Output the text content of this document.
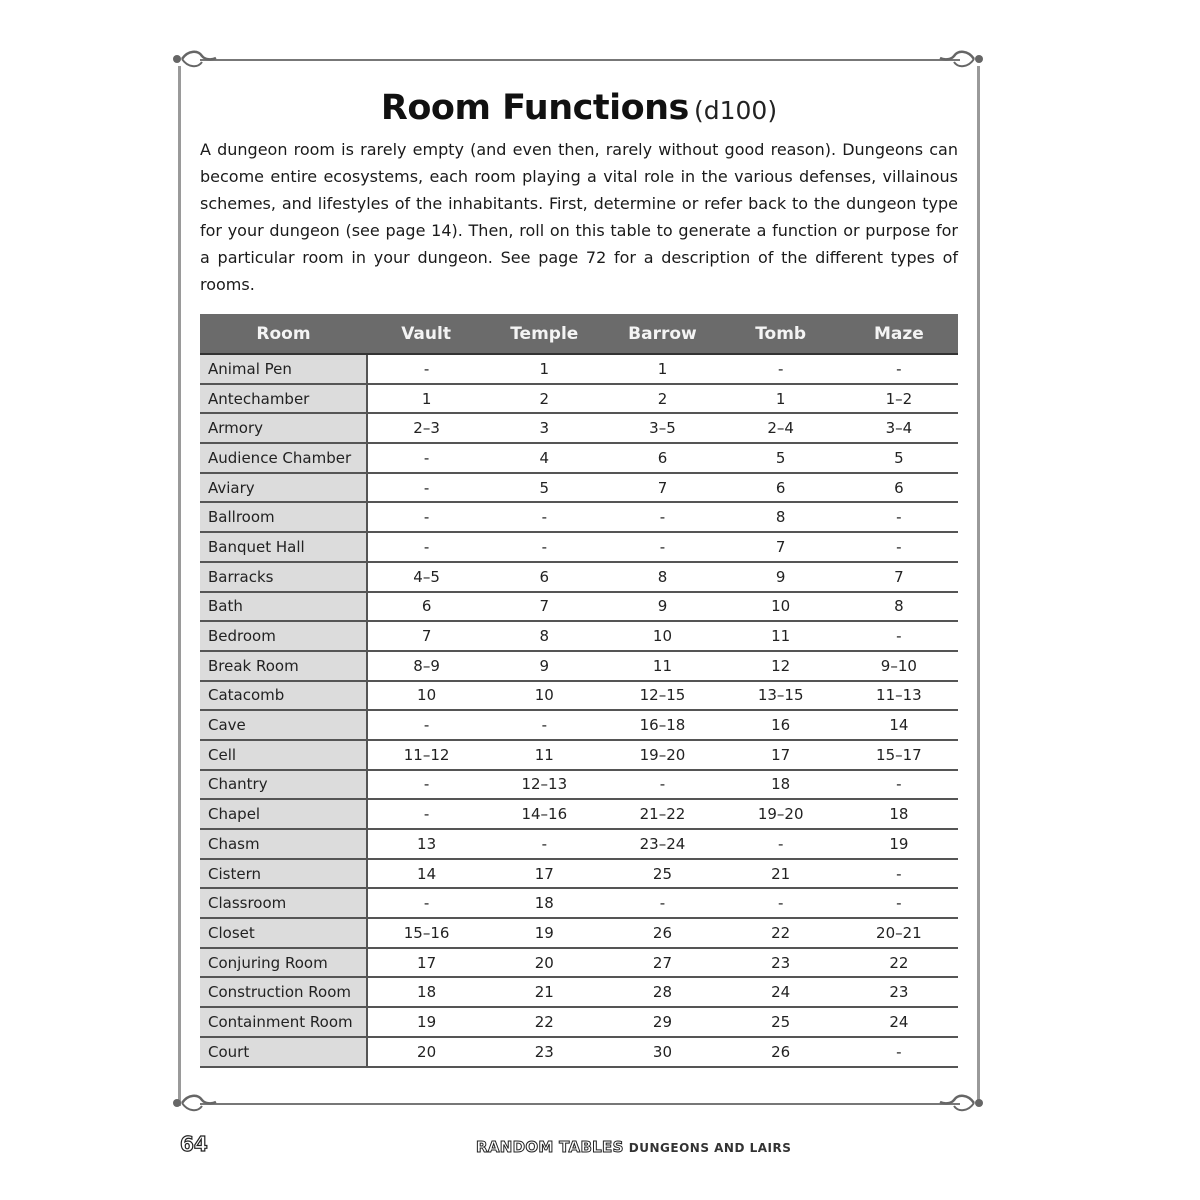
Room Functions (d100)
A dungeon room is rarely empty (and even then, rarely without good reason). Dungeons can become entire ecosystems, each room playing a vital role in the various defenses, villainous schemes, and lifestyles of the inhabitants. First, determine or refer back to the dungeon type for your dungeon (see page 14). Then, roll on this table to generate a function or purpose for a particular room in your dungeon. See page 72 for a description of the different types of rooms.
Room	Vault	Temple	Barrow	Tomb	Maze
Animal Pen	-	1	1	-	-
Antechamber	1	2	2	1	1–2
Armory	2–3	3	3–5	2–4	3–4
Audience Chamber	-	4	6	5	5
Aviary	-	5	7	6	6
Ballroom	-	-	-	8	-
Banquet Hall	-	-	-	7	-
Barracks	4–5	6	8	9	7
Bath	6	7	9	10	8
Bedroom	7	8	10	11	-
Break Room	8–9	9	11	12	9–10
Catacomb	10	10	12–15	13–15	11–13
Cave	-	-	16–18	16	14
Cell	11–12	11	19–20	17	15–17
Chantry	-	12–13	-	18	-
Chapel	-	14–16	21–22	19–20	18
Chasm	13	-	23–24	-	19
Cistern	14	17	25	21	-
Classroom	-	18	-	-	-
Closet	15–16	19	26	22	20–21
Conjuring Room	17	20	27	23	22
Construction Room	18	21	28	24	23
Containment Room	19	22	29	25	24
Court	20	23	30	26	-
64	RANDOM TABLES DUNGEONS AND LAIRS
